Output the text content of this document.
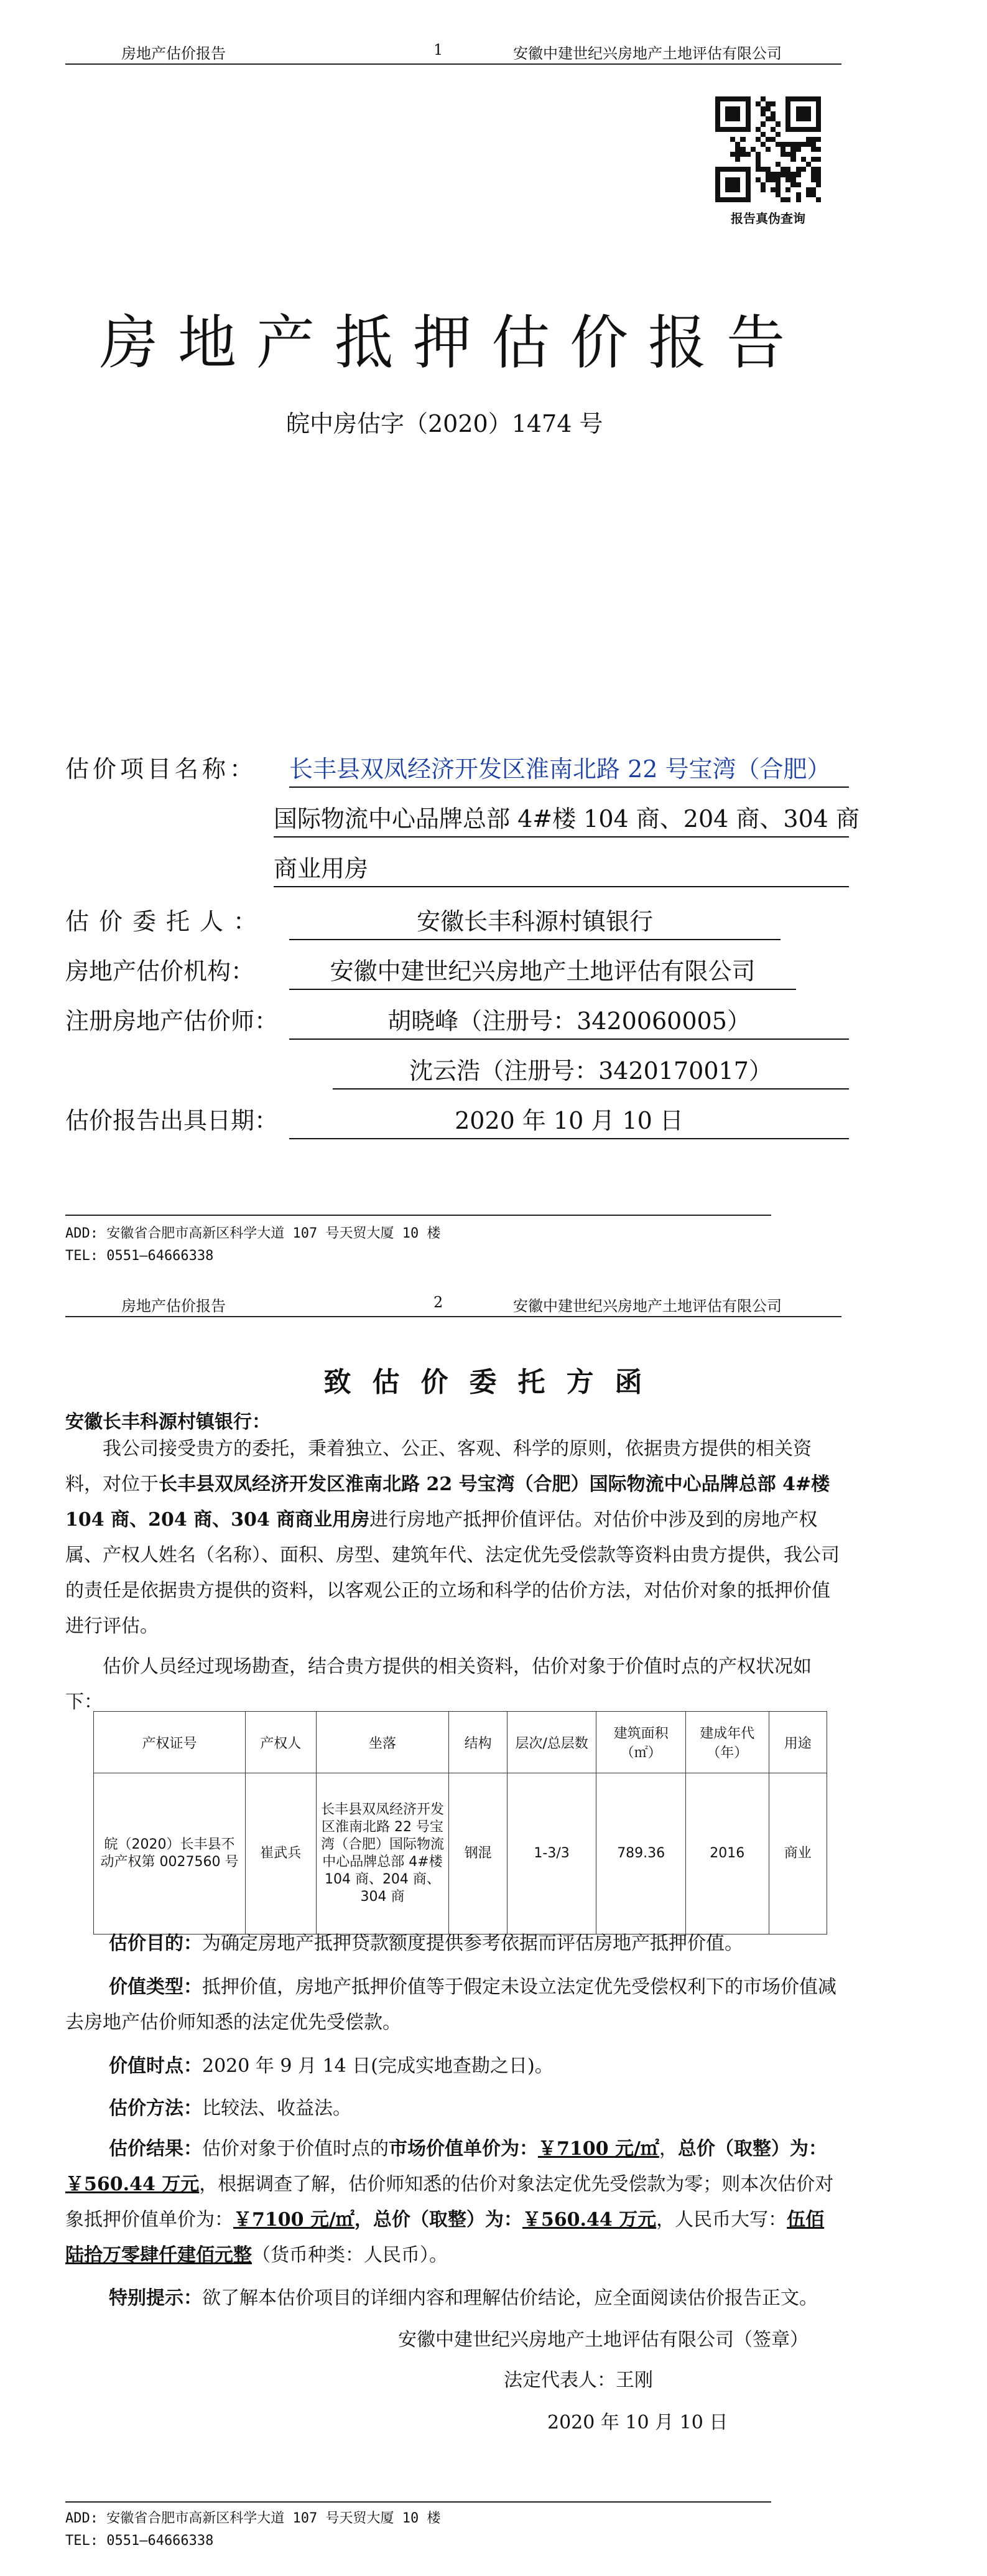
房地产估价报告	1	安徽中建世纪兴房地产土地评估有限公司
报告真伪查询
房地产抵押估价报告
皖中房估字（2020）1474 号
估价项目名称： 长丰县双凤经济开发区淮南北路 22 号宝湾（合肥）
国际物流中心品牌总部 4#楼 104 商、204 商、304 商
商业用房
估价委托人：	安徽长丰科源村镇银行
房地产估价机构：	安徽中建世纪兴房地产土地评估有限公司
注册房地产估价师：	胡晓峰（注册号：3420060005）
沈云浩（注册号：3420170017）
估价报告出具日期：	2020 年 10 月 10 日
ADD: 安徽省合肥市高新区科学大道 107 号天贸大厦 10 楼
TEL: 0551—64666338
房地产估价报告	2	安徽中建世纪兴房地产土地评估有限公司
致估价委托方函
安徽长丰科源村镇银行：
我公司接受贵方的委托，秉着独立、公正、客观、科学的原则，依据贵方提供的相关资料，对位于长丰县双凤经济开发区淮南北路 22 号宝湾（合肥）国际物流中心品牌总部 4#楼 104 商、204 商、304 商商业用房进行房地产抵押价值评估。对估价中涉及到的房地产权属、产权人姓名（名称）、面积、房型、建筑年代、法定优先受偿款等资料由贵方提供，我公司的责任是依据贵方提供的资料，以客观公正的立场和科学的估价方法，对估价对象的抵押价值进行评估。
估价人员经过现场勘查，结合贵方提供的相关资料，估价对象于价值时点的产权状况如下：
产权证号	产权人	坐落	结构	层次/总层数	建筑面积（㎡）	建成年代（年）	用途
皖（2020）长丰县不动产权第 0027560 号	崔武兵	长丰县双凤经济开发区淮南北路 22 号宝湾（合肥）国际物流中心品牌总部 4#楼 104 商、204 商、304 商	钢混	1-3/3	789.36	2016	商业
估价目的：为确定房地产抵押贷款额度提供参考依据而评估房地产抵押价值。
价值类型：抵押价值，房地产抵押价值等于假定未设立法定优先受偿权利下的市场价值减去房地产估价师知悉的法定优先受偿款。
价值时点：2020 年 9 月 14 日(完成实地查勘之日)。
估价方法：比较法、收益法。
估价结果：估价对象于价值时点的市场价值单价为：￥7100 元/㎡，总价（取整）为：￥560.44 万元，根据调查了解，估价师知悉的估价对象法定优先受偿款为零；则本次估价对象抵押价值单价为：￥7100 元/㎡，总价（取整）为：￥560.44 万元，人民币大写：伍佰陆拾万零肆仟建佰元整（货币种类：人民币）。
特别提示：欲了解本估价项目的详细内容和理解估价结论，应全面阅读估价报告正文。
安徽中建世纪兴房地产土地评估有限公司（签章）
法定代表人：王刚
2020 年 10 月 10 日
ADD: 安徽省合肥市高新区科学大道 107 号天贸大厦 10 楼
TEL: 0551—64666338
